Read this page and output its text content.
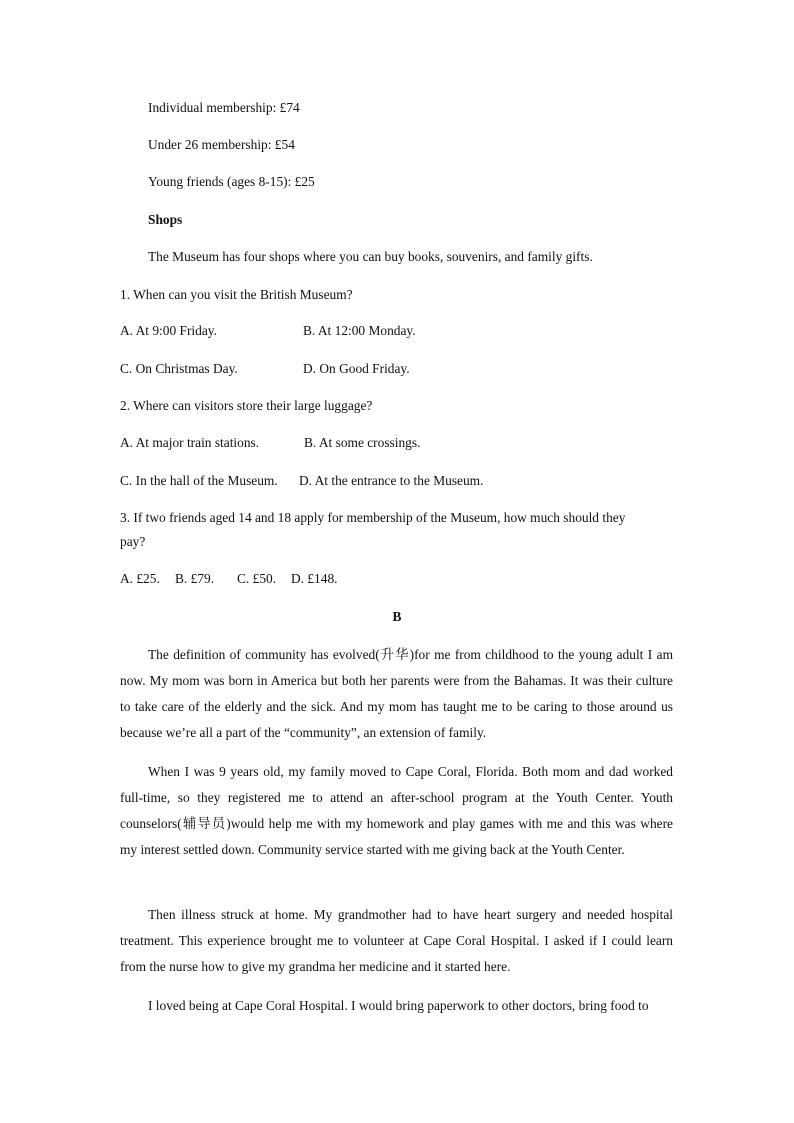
Individual membership: £74
Under 26 membership: £54
Young friends (ages 8-15): £25
Shops
The Museum has four shops where you can buy books, souvenirs, and family gifts.
1. When can you visit the British Museum?
A. At 9:00 Friday.	B. At 12:00 Monday.
C. On Christmas Day.	D. On Good Friday.
2. Where can visitors store their large luggage?
A. At major train stations.	B. At some crossings.
C. In the hall of the Museum. D. At the entrance to the Museum.
3. If two friends aged 14 and 18 apply for membership of the Museum, how much should they
pay?
A. £25. B. £79. C. £50. D. £148.
B
The definition of community has evolved(升华)for me from childhood to the young adult I am now. My mom was born in America but both her parents were from the Bahamas. It was their culture to take care of the elderly and the sick. And my mom has taught me to be caring to those around us because we’re all a part of the “community”, an extension of family.
When I was 9 years old, my family moved to Cape Coral, Florida. Both mom and dad worked full-time, so they registered me to attend an after-school program at the Youth Center. Youth counselors(辅导员)would help me with my homework and play games with me and this was where my interest settled down. Community service started with me giving back at the Youth Center.
Then illness struck at home. My grandmother had to have heart surgery and needed hospital treatment. This experience brought me to volunteer at Cape Coral Hospital. I asked if I could learn from the nurse how to give my grandma her medicine and it started here.
I loved being at Cape Coral Hospital. I would bring paperwork to other doctors, bring food to
